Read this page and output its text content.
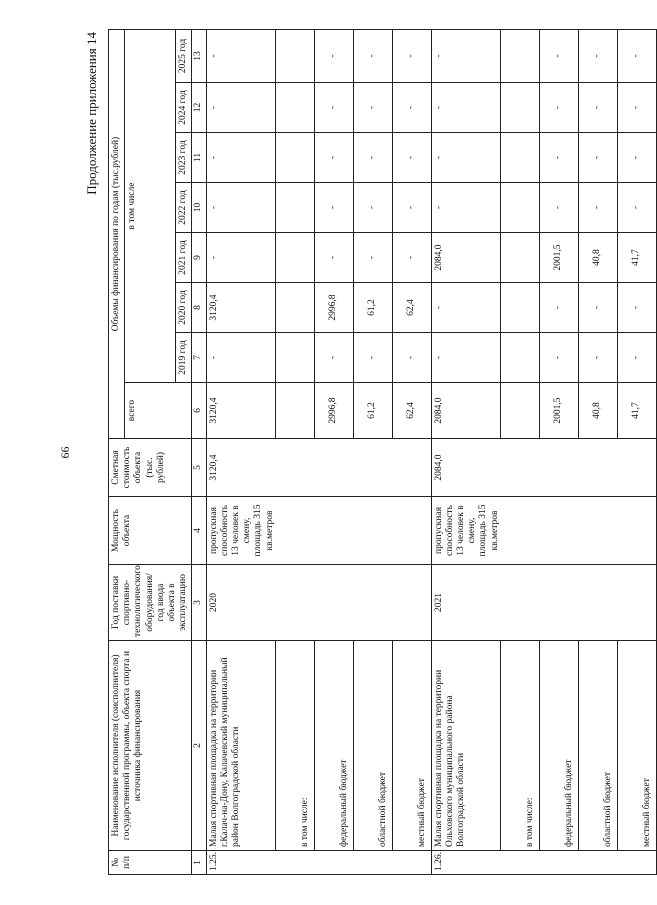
66
Продолжение приложения 14
№ п/п	Наименование исполнителя (соисполнителя) государственной программы, объекта спорта и источника финансирования	Год поставки спортивно-технологического оборудования/ год ввода объекта в эксплуатацию	Мощность объекта	Сметная стоимость объекта (тыс. рублей)	Объемы финансирования по годам (тыс.рублей)							
					всего	в том числе						
						2019 год	2020 год	2021 год	2022 год	2023 год	2024 год	2025 год
1	2	3	4	5	6	7	8	9	10	11	12	13
1.25.	Малая спортивная площадка на территории г.Калач-на-Дону, Калачевский муниципальный район Волгоградской области	2020	пропускная способность 13 человек в смену, площадь 315 кв.метров	3120,4	3120,4	-	3120,4	-	-	-	-	-
	в том числе:											
	федеральный бюджет				2996,8	-	2996,8	-	-	-	-	-
	областной бюджет				61,2	-	61,2	-	-	-	-	-
	местный бюджет				62,4	-	62,4	-	-	-	-	-
1.26.	Малая спортивная площадка на территории Ольховского муниципального района Волгоградской области	2021	пропускная способность 13 человек в смену, площадь 315 кв.метров	2084,0	2084,0	-	-	2084,0	-	-	-	-
	в том числе:											
	федеральный бюджет				2001,5	-	-	2001,5	-	-	-	-
	областной бюджет				40,8	-	-	40,8	-	-	-	-
	местный бюджет				41,7	-	-	41,7	-	-	-	-
